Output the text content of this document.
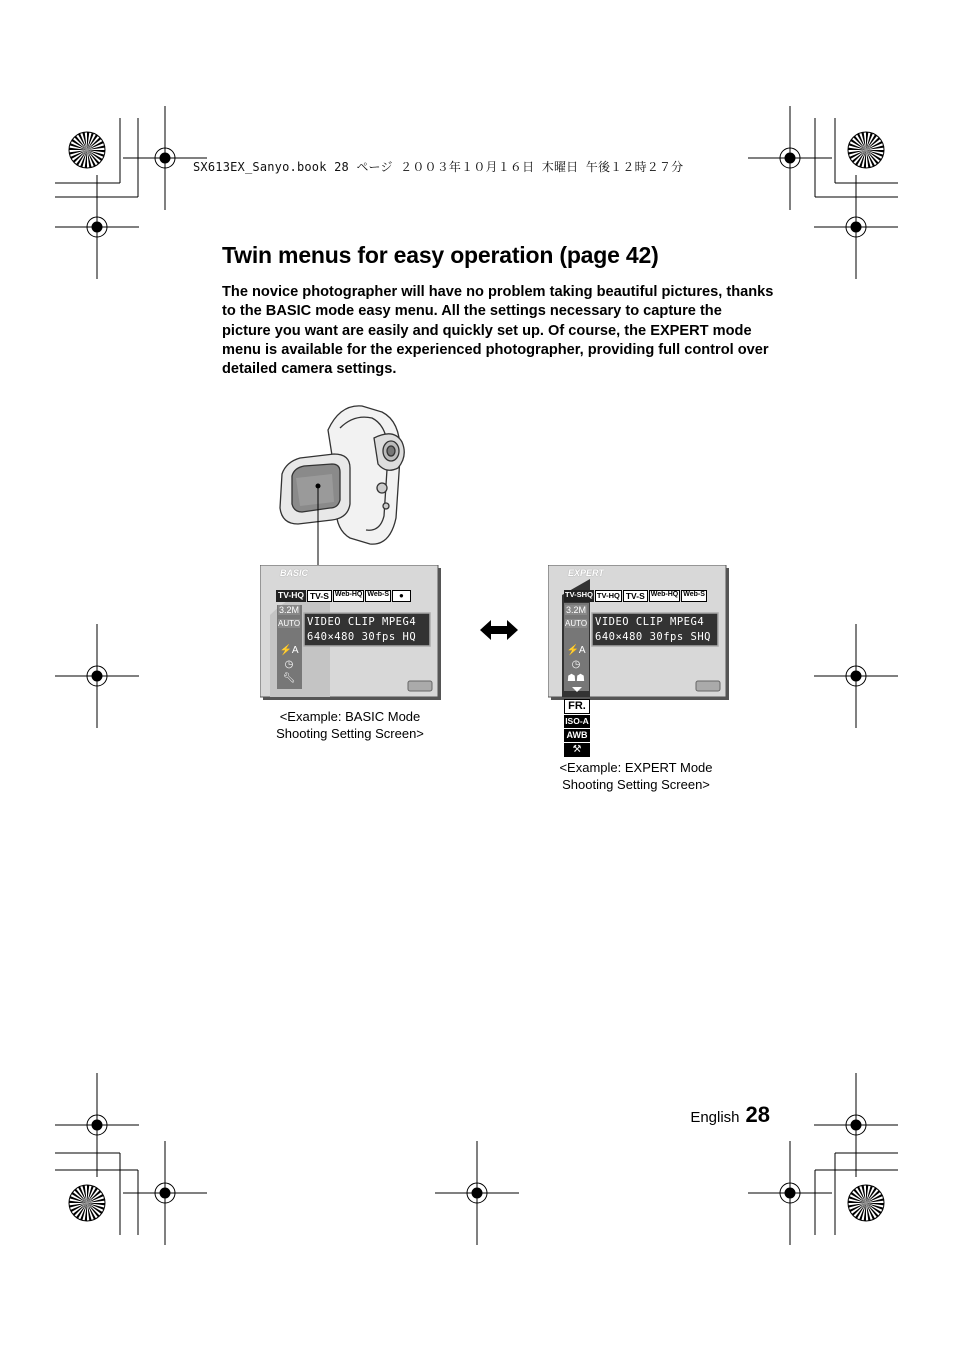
SX613EX_Sanyo.book 28 ページ ２００３年１０月１６日 木曜日 午後１２時２７分
Twin menus for easy operation (page 42)
The novice photographer will have no problem taking beautiful pictures, thanks to the BASIC mode easy menu. All the settings necessary to capture the picture you want are easily and quickly set up. Of course, the EXPERT mode menu is available for the experienced photographer, providing full control over detailed camera settings.
BASIC
TV-HQ TV-S Web-HQ Web-S	●
3.2M
AUTO
⚡A
◷
🔧︎
VIDEO CLIP MPEG4
640×480 30fps HQ
EXPERT
TV-SHQ TV-HQ TV-S Web-HQ Web-S
3.2M
AUTO
⚡A
◷
☗☗
VIDEO CLIP MPEG4
640×480 30fps SHQ
FR.
ISO-A
AWB
⚒
<Example: BASIC Mode
Shooting Setting Screen>
<Example: EXPERT Mode
Shooting Setting Screen>
English 28
